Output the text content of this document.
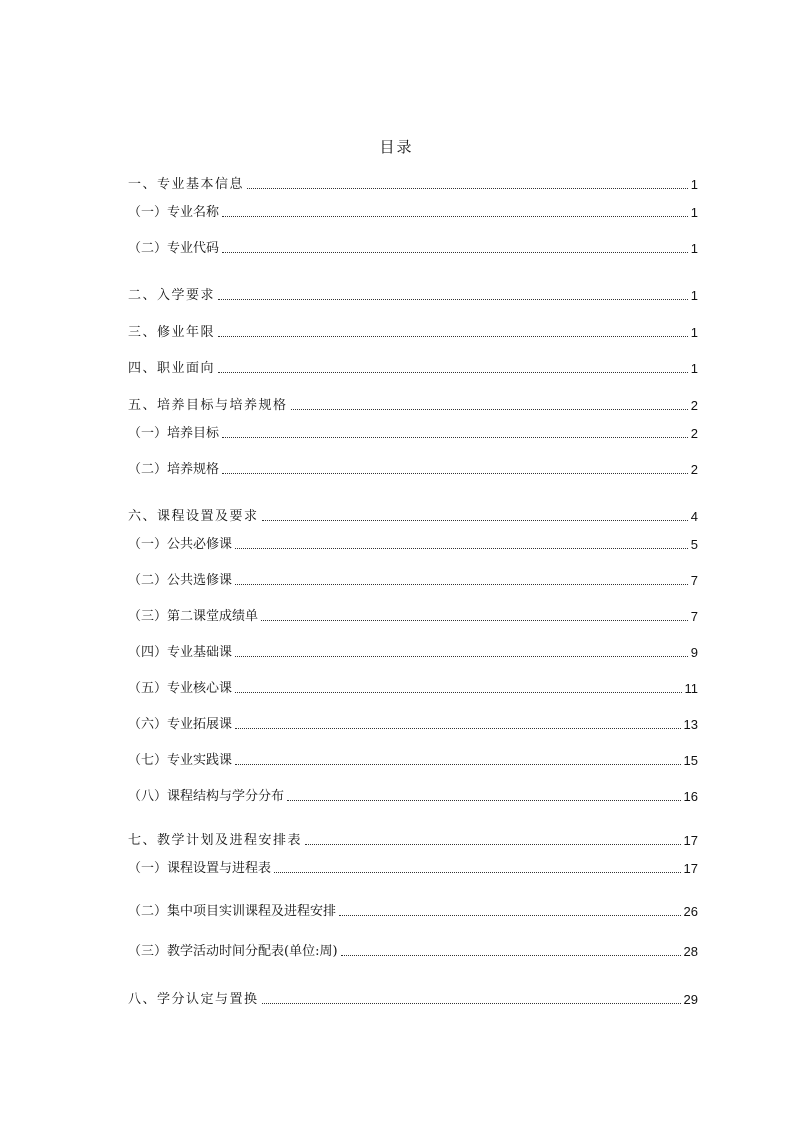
目录
一、专业基本信息	1
（一）专业名称	1
（二）专业代码	1
二、入学要求	1
三、修业年限	1
四、职业面向	1
五、培养目标与培养规格	2
（一）培养目标	2
（二）培养规格	2
六、课程设置及要求	4
（一）公共必修课	5
（二）公共选修课	7
（三）第二课堂成绩单	7
（四）专业基础课	9
（五）专业核心课	11
（六）专业拓展课	13
（七）专业实践课	15
（八）课程结构与学分分布	16
七、教学计划及进程安排表	17
（一）课程设置与进程表	17
（二）集中项目实训课程及进程安排	26
（三）教学活动时间分配表(单位:周)	28
八、学分认定与置换	29
